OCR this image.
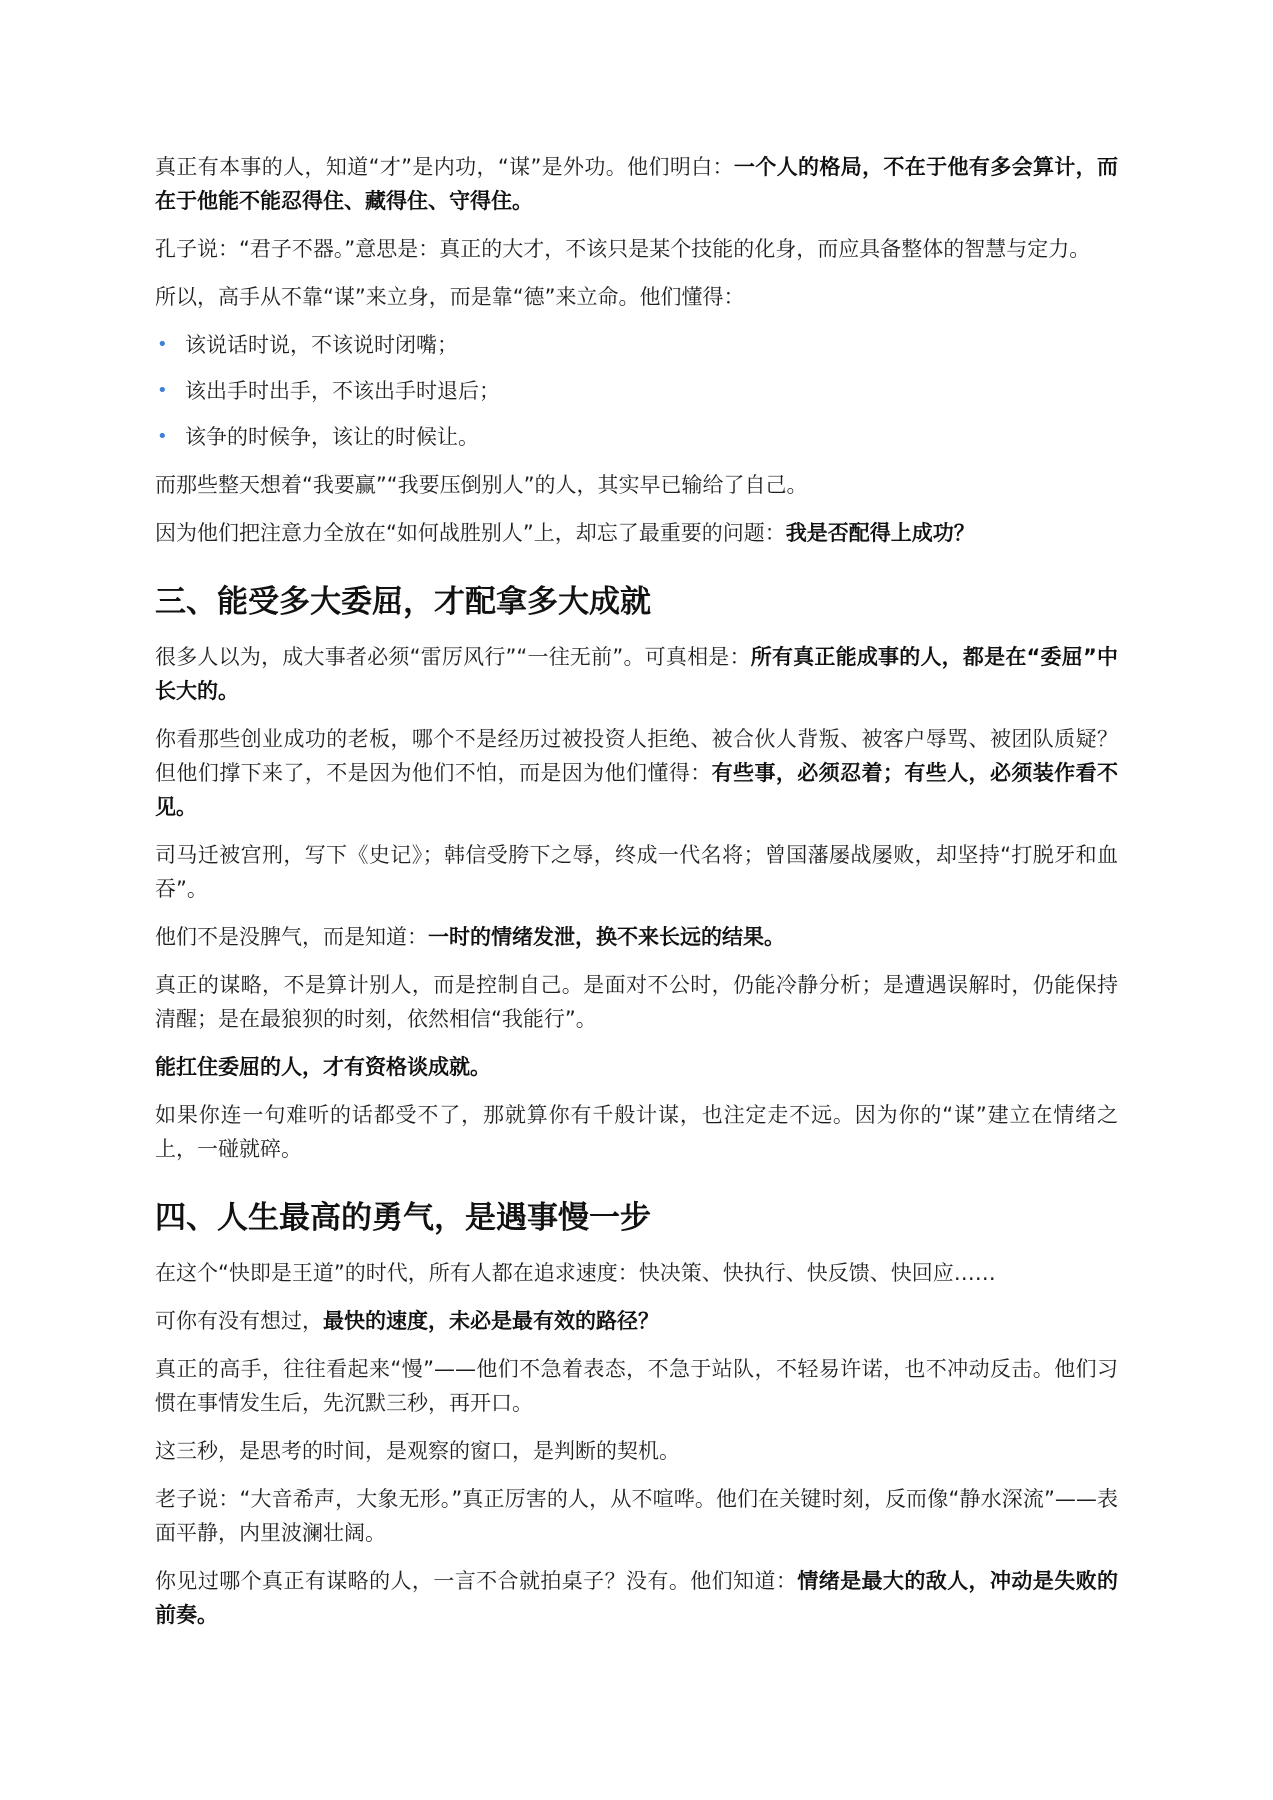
真正有本事的人，知道“才”是内功，“谋”是外功。他们明白：一个人的格局，不在于他有多会算计，而在于他能不能忍得住、藏得住、守得住。

孔子说：“君子不器。”意思是：真正的大才，不该只是某个技能的化身，而应具备整体的智慧与定力。

所以，高手从不靠“谋”来立身，而是靠“德”来立命。他们懂得：

• 该说话时说，不该说时闭嘴；
• 该出手时出手，不该出手时退后；
• 该争的时候争，该让的时候让。

而那些整天想着“我要赢”“我要压倒别人”的人，其实早已输给了自己。

因为他们把注意力全放在“如何战胜别人”上，却忘了最重要的问题：我是否配得上成功？

三、能受多大委屈，才配拿多大成就

很多人以为，成大事者必须“雷厉风行”“一往无前”。可真相是：所有真正能成事的人，都是在“委屈”中长大的。

你看那些创业成功的老板，哪个不是经历过被投资人拒绝、被合伙人背叛、被客户辱骂、被团队质疑？但他们撑下来了，不是因为他们不怕，而是因为他们懂得：有些事，必须忍着；有些人，必须装作看不见。

司马迁被宫刑，写下《史记》；韩信受胯下之辱，终成一代名将；曾国藩屡战屡败，却坚持“打脱牙和血吞”。

他们不是没脾气，而是知道：一时的情绪发泄，换不来长远的结果。

真正的谋略，不是算计别人，而是控制自己。是面对不公时，仍能冷静分析；是遭遇误解时，仍能保持清醒；是在最狼狈的时刻，依然相信“我能行”。

能扛住委屈的人，才有资格谈成就。

如果你连一句难听的话都受不了，那就算你有千般计谋，也注定走不远。因为你的“谋”建立在情绪之上，一碰就碎。

四、人生最高的勇气，是遇事慢一步

在这个“快即是王道”的时代，所有人都在追求速度：快决策、快执行、快反馈、快回应……

可你有没有想过，最快的速度，未必是最有效的路径？

真正的高手，往往看起来“慢”——他们不急着表态，不急于站队，不轻易许诺，也不冲动反击。他们习惯在事情发生后，先沉默三秒，再开口。

这三秒，是思考的时间，是观察的窗口，是判断的契机。

老子说：“大音希声，大象无形。”真正厉害的人，从不喧哗。他们在关键时刻，反而像“静水深流”——表面平静，内里波澜壮阔。

你见过哪个真正有谋略的人，一言不合就拍桌子？没有。他们知道：情绪是最大的敌人，冲动是失败的前奏。
